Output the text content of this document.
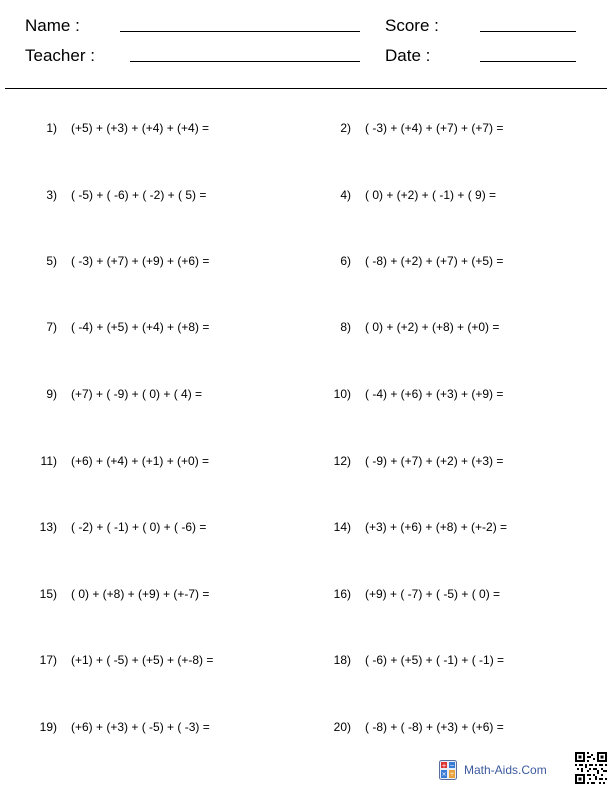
Name :	Score :
Teacher :	Date :
1 ) (+5) + (+3) + (+4) + (+4) =	2 ) ( -3) + (+4) + (+7) + (+7) =
3 ) ( -5) + ( -6) + ( -2) + ( 5) =	4 ) ( 0) + (+2) + ( -1) + ( 9) =
5 ) ( -3) + (+7) + (+9) + (+6) =	6 ) ( -8) + (+2) + (+7) + (+5) =
7 ) ( -4) + (+5) + (+4) + (+8) =	8 ) ( 0) + (+2) + (+8) + (+0) =
9 ) (+7) + ( -9) + ( 0) + ( 4) =	10 ) ( -4) + (+6) + (+3) + (+9) =
11 ) (+6) + (+4) + (+1) + (+0) =	12 ) ( -9) + (+7) + (+2) + (+3) =
13 ) ( -2) + ( -1) + ( 0) + ( -6) =	14 ) (+3) + (+6) + (+8) + (+-2) =
15 ) ( 0) + (+8) + (+9) + (+-7) =	16 ) (+9) + ( -7) + ( -5) + ( 0) =
17 ) (+1) + ( -5) + (+5) + (+-8) =	18 ) ( -6) + (+5) + ( -1) + ( -1) =
19 ) (+6) + (+3) + ( -5) + ( -3) =	20 ) ( -8) + ( -8) + (+3) + (+6) =
+ −
× ÷ Math-Aids.Com
